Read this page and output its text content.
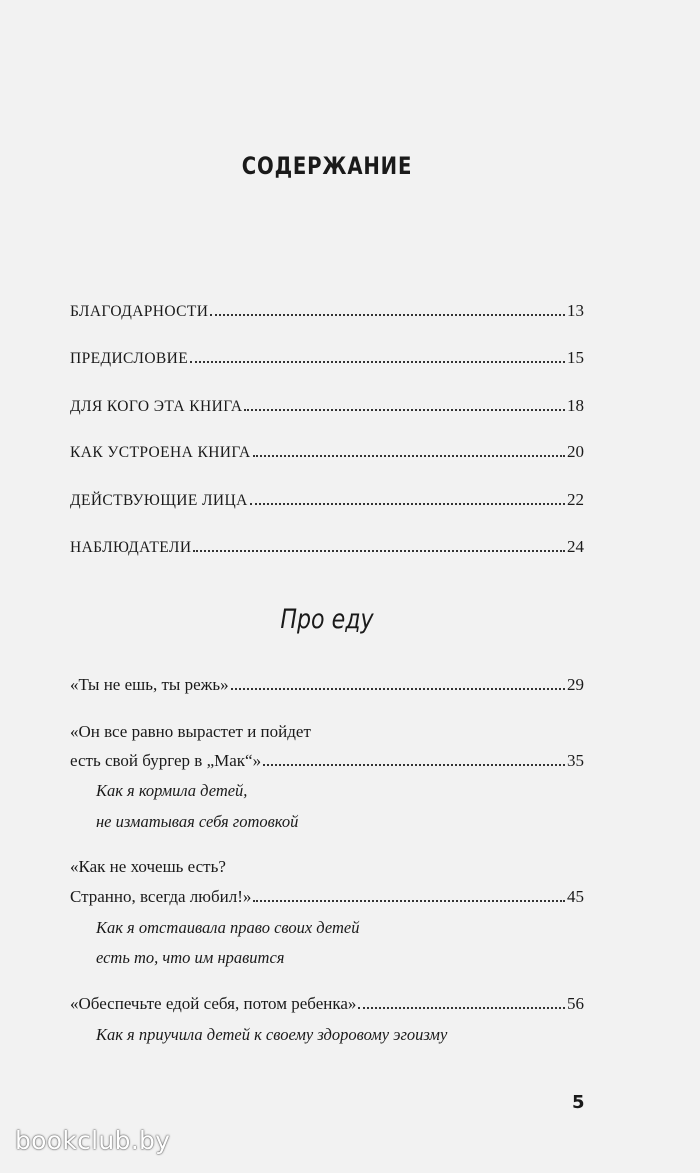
СОДЕРЖАНИЕ
БЛАГОДАРНОСТИ	13
ПРЕДИСЛОВИЕ	15
ДЛЯ КОГО ЭТА КНИГА	18
КАК УСТРОЕНА КНИГА	20
ДЕЙСТВУЮЩИЕ ЛИЦА	22
НАБЛЮДАТЕЛИ	24
Про еду
«Ты не ешь, ты режь»	29
«Он все равно вырастет и пойдет
есть свой бургер в „Мак“»	35
Как я кормила детей,
не изматывая себя готовкой
«Как не хочешь есть?
Странно, всегда любил!»	45
Как я отстаивала право своих детей
есть то, что им нравится
«Обеспечьте едой себя, потом ребенка»	56
Как я приучила детей к своему здоровому эгоизму
5
bookclub.by
